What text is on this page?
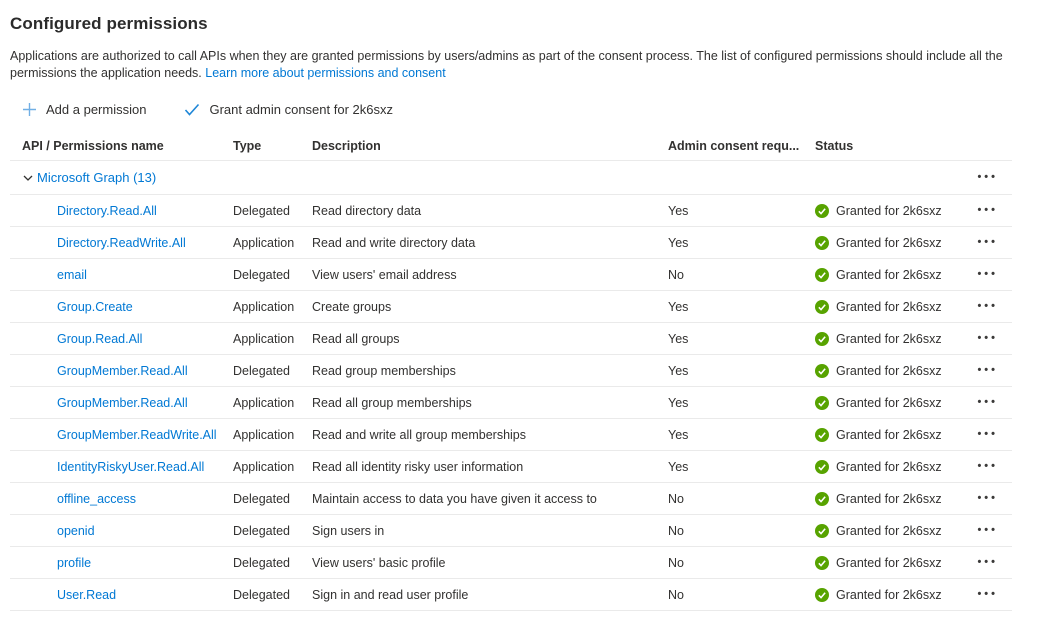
Configured permissions

Applications are authorized to call APIs when they are granted permissions by users/admins as part of the consent process. The list of configured permissions should include all the permissions the application needs. Learn more about permissions and consent

Add a permission	Grant admin consent for 2k6sxz
API / Permissions name	Type	Description	Admin consent requ...	Status
Microsoft Graph (13)	•••
Directory.Read.All	Delegated	Read directory data	Yes	Granted for 2k6sxz	•••
Directory.ReadWrite.All	Application	Read and write directory data	Yes	Granted for 2k6sxz	•••
email	Delegated	View users' email address	No	Granted for 2k6sxz	•••
Group.Create	Application	Create groups	Yes	Granted for 2k6sxz	•••
Group.Read.All	Application	Read all groups	Yes	Granted for 2k6sxz	•••
GroupMember.Read.All	Delegated	Read group memberships	Yes	Granted for 2k6sxz	•••
GroupMember.Read.All	Application	Read all group memberships	Yes	Granted for 2k6sxz	•••
GroupMember.ReadWrite.All	Application	Read and write all group memberships	Yes	Granted for 2k6sxz	•••
IdentityRiskyUser.Read.All	Application	Read all identity risky user information	Yes	Granted for 2k6sxz	•••
offline_access	Delegated	Maintain access to data you have given it access to	No	Granted for 2k6sxz	•••
openid	Delegated	Sign users in	No	Granted for 2k6sxz	•••
profile	Delegated	View users' basic profile	No	Granted for 2k6sxz	•••
User.Read	Delegated	Sign in and read user profile	No	Granted for 2k6sxz	•••
